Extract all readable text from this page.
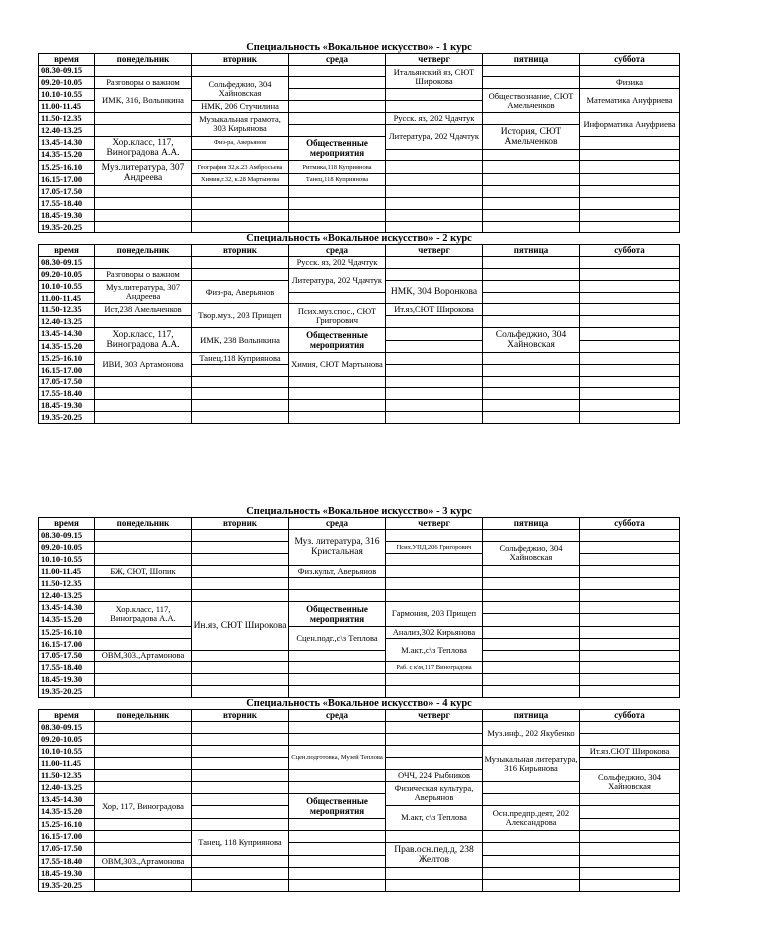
Специальность «Вокальное искусство» - 1 курс						
время	понедельник	вторник	среда	четверг	пятница	суббота
08.30-09.15				Итальянский яз, СЮТ Широкова		
09.20-10.05	Разговоры о важном	Сольфеджио, 304 Хайновская				Физика
10.10-10.55	ИМК, 316, Волынкина				Обществознание, СЮТ Амельченков	Математика Ануфриева
11.00-11.45		НМК, 206 Стучилина				
11.50-12.35		Музыкальная грамота, 303 Кирьянова		Русск. яз, 202 Чдачтук		Информатика Ануфриева
12.40-13.25				Литература, 202 Чдачтук	История, СЮТ Амельченков	
13.45-14.30	Хор.класс, 117, Виноградова А.А.	Физ-ра, Аверьянов	Общественные мероприятия			
14.35-15.20						
15.25-16.10	Муз.литература, 307 Андреева	География 32,к.23 Амбросьева	Ритмика,118 Куприянова			
16.15-17.00		Химия,г.32, к.28 Мартынова	Танец,118 Куприянова			
17.05-17.50						
17.55-18.40						
18.45-19.30						
19.35-20.25						
Специальность «Вокальное искусство» - 2 курс						
время	понедельник	вторник	среда	четверг	пятница	суббота
08.30-09.15			Русск. яз, 202 Чдачтук			
09.20-10.05	Разговоры о важном		Литература, 202 Чдачтук			
10.10-10.55	Муз.литература, 307 Андреева	Физ-ра, Аверьянов		НМК, 304 Воронкова		
11.00-11.45						
11.50-12.35	Ист,238 Амельченков	Твор.муз., 203 Прищеп	Псих.муз.спос., СЮТ Григорович	Ит.яз,СЮТ Широкова		
12.40-13.25						
13.45-14.30	Хор.класс, 117, Виноградова А.А.	ИМК, 238 Волынкина	Общественные мероприятия		Сольфеджио, 304 Хайновская	
14.35-15.20						
15.25-16.10	ИВИ, 303 Артамонова	Танец,118 Куприянова	Химия, СЮТ Мартынова			
16.15-17.00						
17.05-17.50						
17.55-18.40						
18.45-19.30						
19.35-20.25						
Специальность «Вокальное искусство» - 3 курс						
время	понедельник	вторник	среда	четверг	пятница	суббота
08.30-09.15			Муз. литература, 316 Кристальная			
09.20-10.05				Псих.УПД,206 Григорович	Сольфеджио, 304 Хайновская	
10.10-10.55						
11.00-11.45	БЖ, СЮТ, Шопик		Физ.культ, Аверьянов			
11.50-12.35						
12.40-13.25						
13.45-14.30	Хор.класс, 117, Виноградова А.А.	Ин.яз, СЮТ Широкова	Общественные мероприятия	Гармония, 203 Прищеп		
14.35-15.20						
15.25-16.10			Сцен.подг.,с\з Теплова	Анализ,302 Кирьянова		
16.15-17.00				М.акт.,с\з Теплова		
17.05-17.50	ОВМ,303.,Артамонова					
17.55-18.40				Раб. с к\м,117 Виноградова		
18.45-19.30						
19.35-20.25						
Специальность «Вокальное искусство» - 4 курс						
время	понедельник	вторник	среда	четверг	пятница	суббота
08.30-09.15					Муз.инф., 202 Якубенко	
09.20-10.05						
10.10-10.55			Сцен.подготовка, Музей Теплова		Музыкальная литература, 316 Кирьянова	Ит.яз.СЮТ Широкова
11.00-11.45						
11.50-12.35				ОЧЧ, 224 Рыбников		Сольфеджио, 304 Хайновская
12.40-13.25				Физическая культура, Аверьянов		
13.45-14.30	Хор, 117, Виноградова		Общественные мероприятия			
14.35-15.20				М.акт, с\з Теплова	Осн.предпр.деят, 202 Александрова	
15.25-16.10						
16.15-17.00		Танец, 118 Куприянова				
17.05-17.50				Прав.осн.пед.д, 238 Желтов		
17.55-18.40	ОВМ,303.,Артамонова					
18.45-19.30						
19.35-20.25						
